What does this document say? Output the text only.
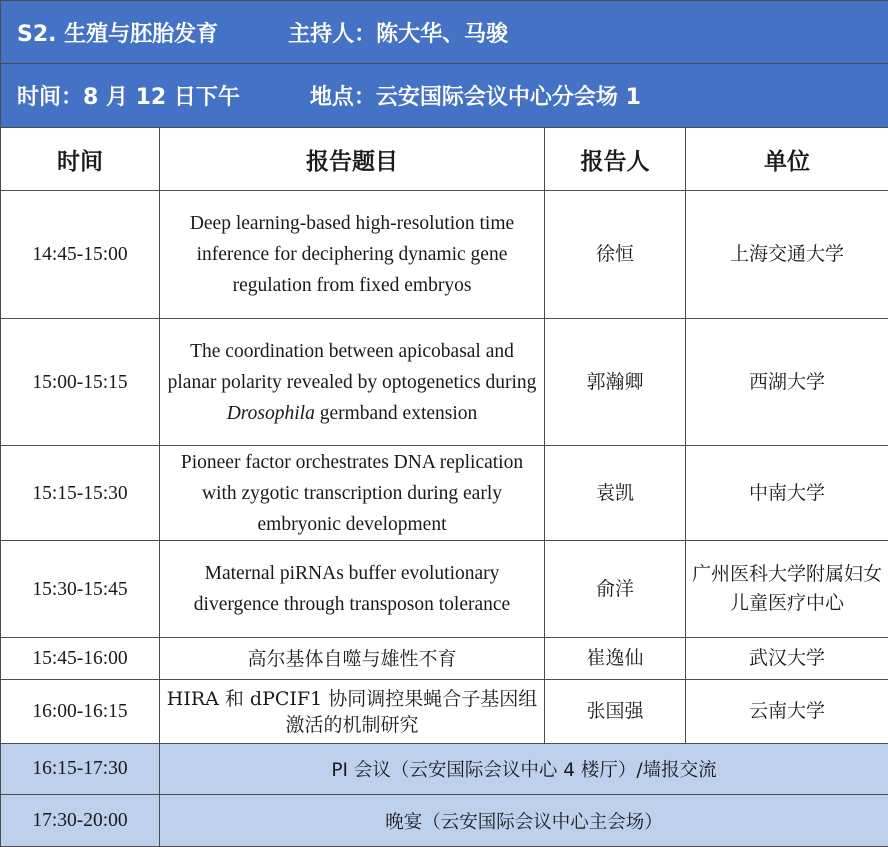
S2. 生殖与胚胎发育 主持人：陈大华、马骏			
时间：8 月 12 日下午 地点：云安国际会议中心分会场 1			
时间	报告题目	报告人	单位
14:45-15:00	Deep learning-based high-resolution time inference for deciphering dynamic gene regulation from fixed embryos	徐恒	上海交通大学
15:00-15:15	The coordination between apicobasal and planar polarity revealed by optogenetics during Drosophila germband extension	郭瀚卿	西湖大学
15:15-15:30	Pioneer factor orchestrates DNA replication with zygotic transcription during early embryonic development	袁凯	中南大学
15:30-15:45	Maternal piRNAs buffer evolutionary divergence through transposon tolerance	俞洋	广州医科大学附属妇女儿童医疗中心
15:45-16:00	高尔基体自噬与雄性不育	崔逸仙	武汉大学
16:00-16:15	HIRA 和 dPCIF1 协同调控果蝇合子基因组激活的机制研究	张国强	云南大学
16:15-17:30	PI 会议（云安国际会议中心 4 楼厅）/墙报交流		
17:30-20:00	晚宴（云安国际会议中心主会场）		
